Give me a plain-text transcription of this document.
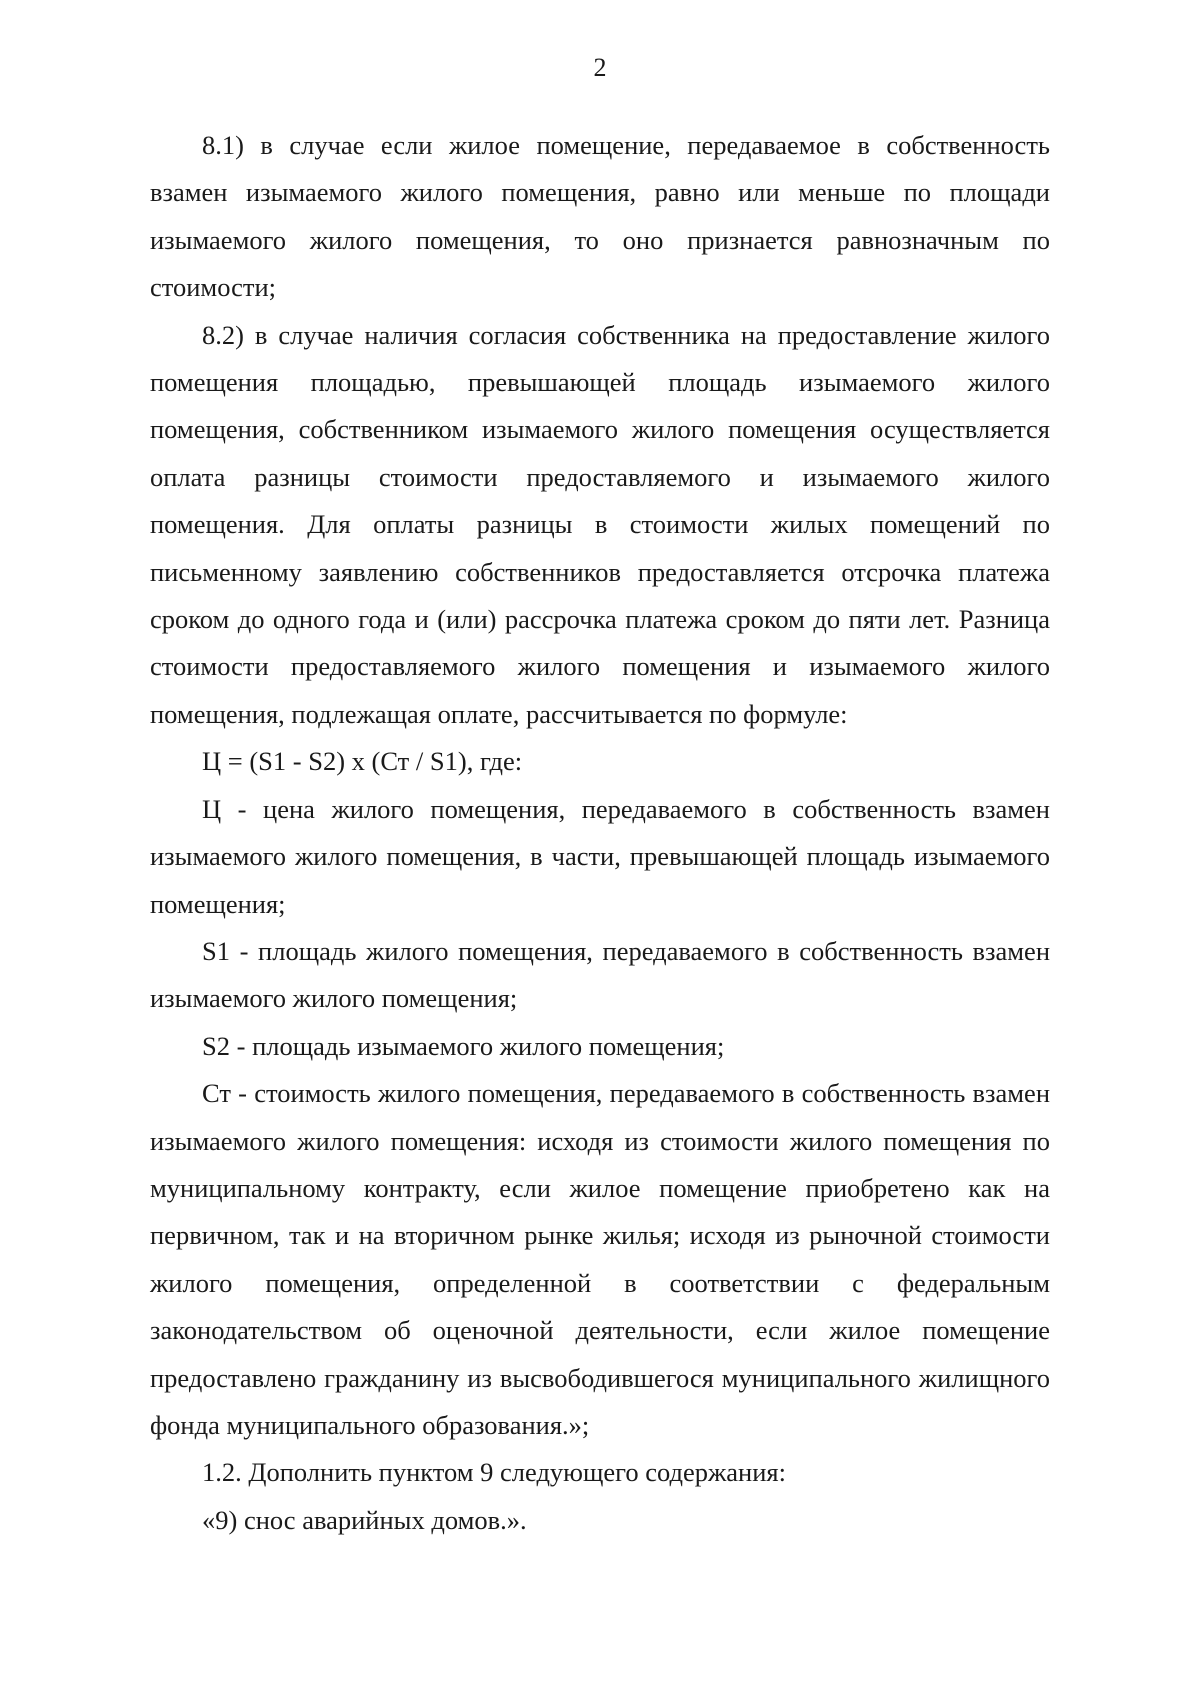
2

8.1) в случае если жилое помещение, передаваемое в собственность взамен изымаемого жилого помещения, равно или меньше по площади изымаемого жилого помещения, то оно признается равнозначным по стоимости;

8.2) в случае наличия согласия собственника на предоставление жилого помещения площадью, превышающей площадь изымаемого жилого помещения, собственником изымаемого жилого помещения осуществляется оплата разницы стоимости предоставляемого и изымаемого жилого помещения. Для оплаты разницы в стоимости жилых помещений по письменному заявлению собственников предоставляется отсрочка платежа сроком до одного года и (или) рассрочка платежа сроком до пяти лет. Разница стоимости предоставляемого жилого помещения и изымаемого жилого помещения, подлежащая оплате, рассчитывается по формуле:

Ц = (S1 - S2) x (Ст / S1), где:

Ц - цена жилого помещения, передаваемого в собственность взамен изымаемого жилого помещения, в части, превышающей площадь изымаемого помещения;

S1 - площадь жилого помещения, передаваемого в собственность взамен изымаемого жилого помещения;

S2 - площадь изымаемого жилого помещения;

Ст - стоимость жилого помещения, передаваемого в собственность взамен изымаемого жилого помещения: исходя из стоимости жилого помещения по муниципальному контракту, если жилое помещение приобретено как на первичном, так и на вторичном рынке жилья; исходя из рыночной стоимости жилого помещения, определенной в соответствии с федеральным законодательством об оценочной деятельности, если жилое помещение предоставлено гражданину из высвободившегося муниципального жилищного фонда муниципального образования.»;

1.2. Дополнить пунктом 9 следующего содержания:

«9) снос аварийных домов.».
